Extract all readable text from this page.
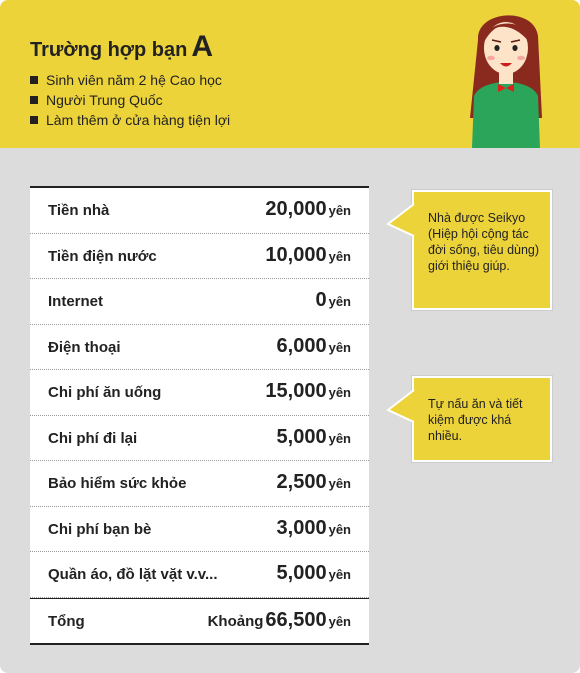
Trường hợp bạn A
Sinh viên năm 2 hệ Cao học
Người Trung Quốc
Làm thêm ở cửa hàng tiện lợi
Tiền nhà	20,000 yên
Tiền điện nước	10,000 yên
Internet	0 yên
Điện thoại	6,000 yên
Chi phí ăn uống	15,000 yên
Chi phí đi lại	5,000 yên
Bảo hiểm sức khỏe	2,500 yên
Chi phí bạn bè	3,000 yên
Quần áo, đồ lặt vặt v.v...	5,000 yên
Tổng	Khoảng 66,500 yên
Nhà được Seikyo (Hiệp hội cộng tác đời sống, tiêu dùng) giới thiệu giúp.
Tự nấu ăn và tiết kiệm được khá nhiều.
